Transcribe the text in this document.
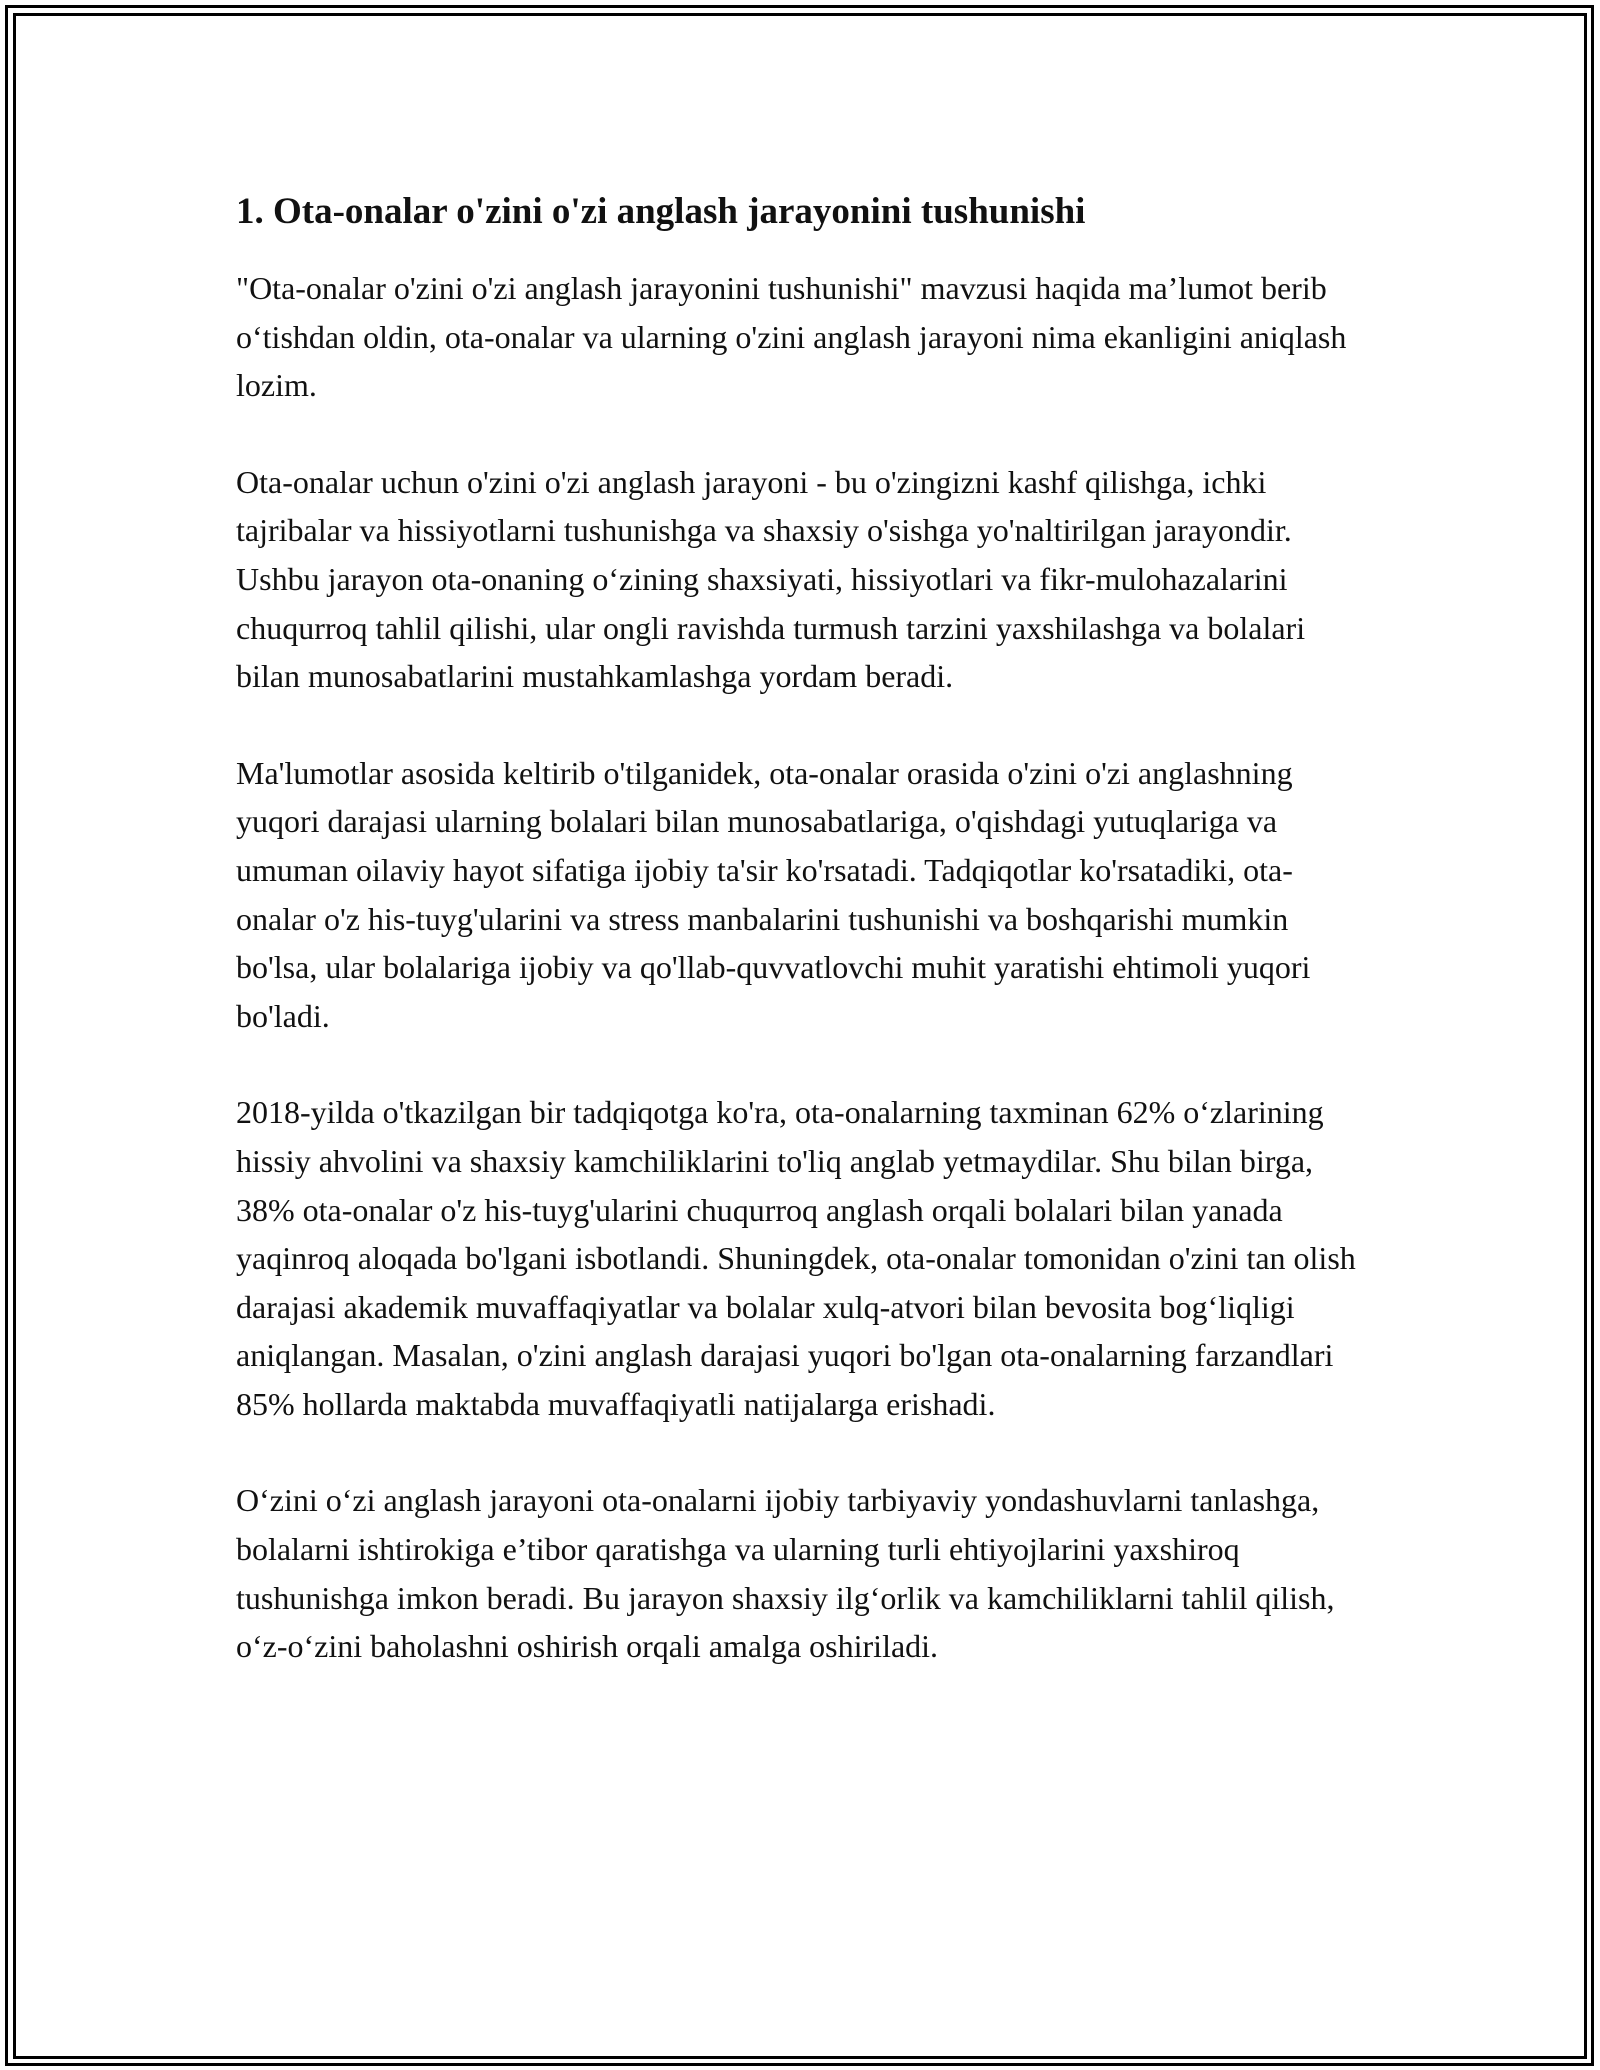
1. Ota-onalar o'zini o'zi anglash jarayonini tushunishi

"Ota-onalar o'zini o'zi anglash jarayonini tushunishi" mavzusi haqida ma’lumot berib o‘tishdan oldin, ota-onalar va ularning o'zini anglash jarayoni nima ekanligini aniqlash lozim.

Ota-onalar uchun o'zini o'zi anglash jarayoni - bu o'zingizni kashf qilishga, ichki tajribalar va hissiyotlarni tushunishga va shaxsiy o'sishga yo'naltirilgan jarayondir. Ushbu jarayon ota-onaning o‘zining shaxsiyati, hissiyotlari va fikr-mulohazalarini chuqurroq tahlil qilishi, ular ongli ravishda turmush tarzini yaxshilashga va bolalari bilan munosabatlarini mustahkamlashga yordam beradi.

Ma'lumotlar asosida keltirib o'tilganidek, ota-onalar orasida o'zini o'zi anglashning yuqori darajasi ularning bolalari bilan munosabatlariga, o'qishdagi yutuqlariga va umuman oilaviy hayot sifatiga ijobiy ta'sir ko'rsatadi. Tadqiqotlar ko'rsatadiki, ota-onalar o'z his-tuyg'ularini va stress manbalarini tushunishi va boshqarishi mumkin bo'lsa, ular bolalariga ijobiy va qo'llab-quvvatlovchi muhit yaratishi ehtimoli yuqori bo'ladi.

2018-yilda o'tkazilgan bir tadqiqotga ko'ra, ota-onalarning taxminan 62% o‘zlarining hissiy ahvolini va shaxsiy kamchiliklarini to'liq anglab yetmaydilar. Shu bilan birga, 38% ota-onalar o'z his-tuyg'ularini chuqurroq anglash orqali bolalari bilan yanada yaqinroq aloqada bo'lgani isbotlandi. Shuningdek, ota-onalar tomonidan o'zini tan olish darajasi akademik muvaffaqiyatlar va bolalar xulq-atvori bilan bevosita bog‘liqligi aniqlangan. Masalan, o'zini anglash darajasi yuqori bo'lgan ota-onalarning farzandlari 85% hollarda maktabda muvaffaqiyatli natijalarga erishadi.

O‘zini o‘zi anglash jarayoni ota-onalarni ijobiy tarbiyaviy yondashuvlarni tanlashga, bolalarni ishtirokiga e’tibor qaratishga va ularning turli ehtiyojlarini yaxshiroq tushunishga imkon beradi. Bu jarayon shaxsiy ilg‘orlik va kamchiliklarni tahlil qilish, o‘z-o‘zini baholashni oshirish orqali amalga oshiriladi.
